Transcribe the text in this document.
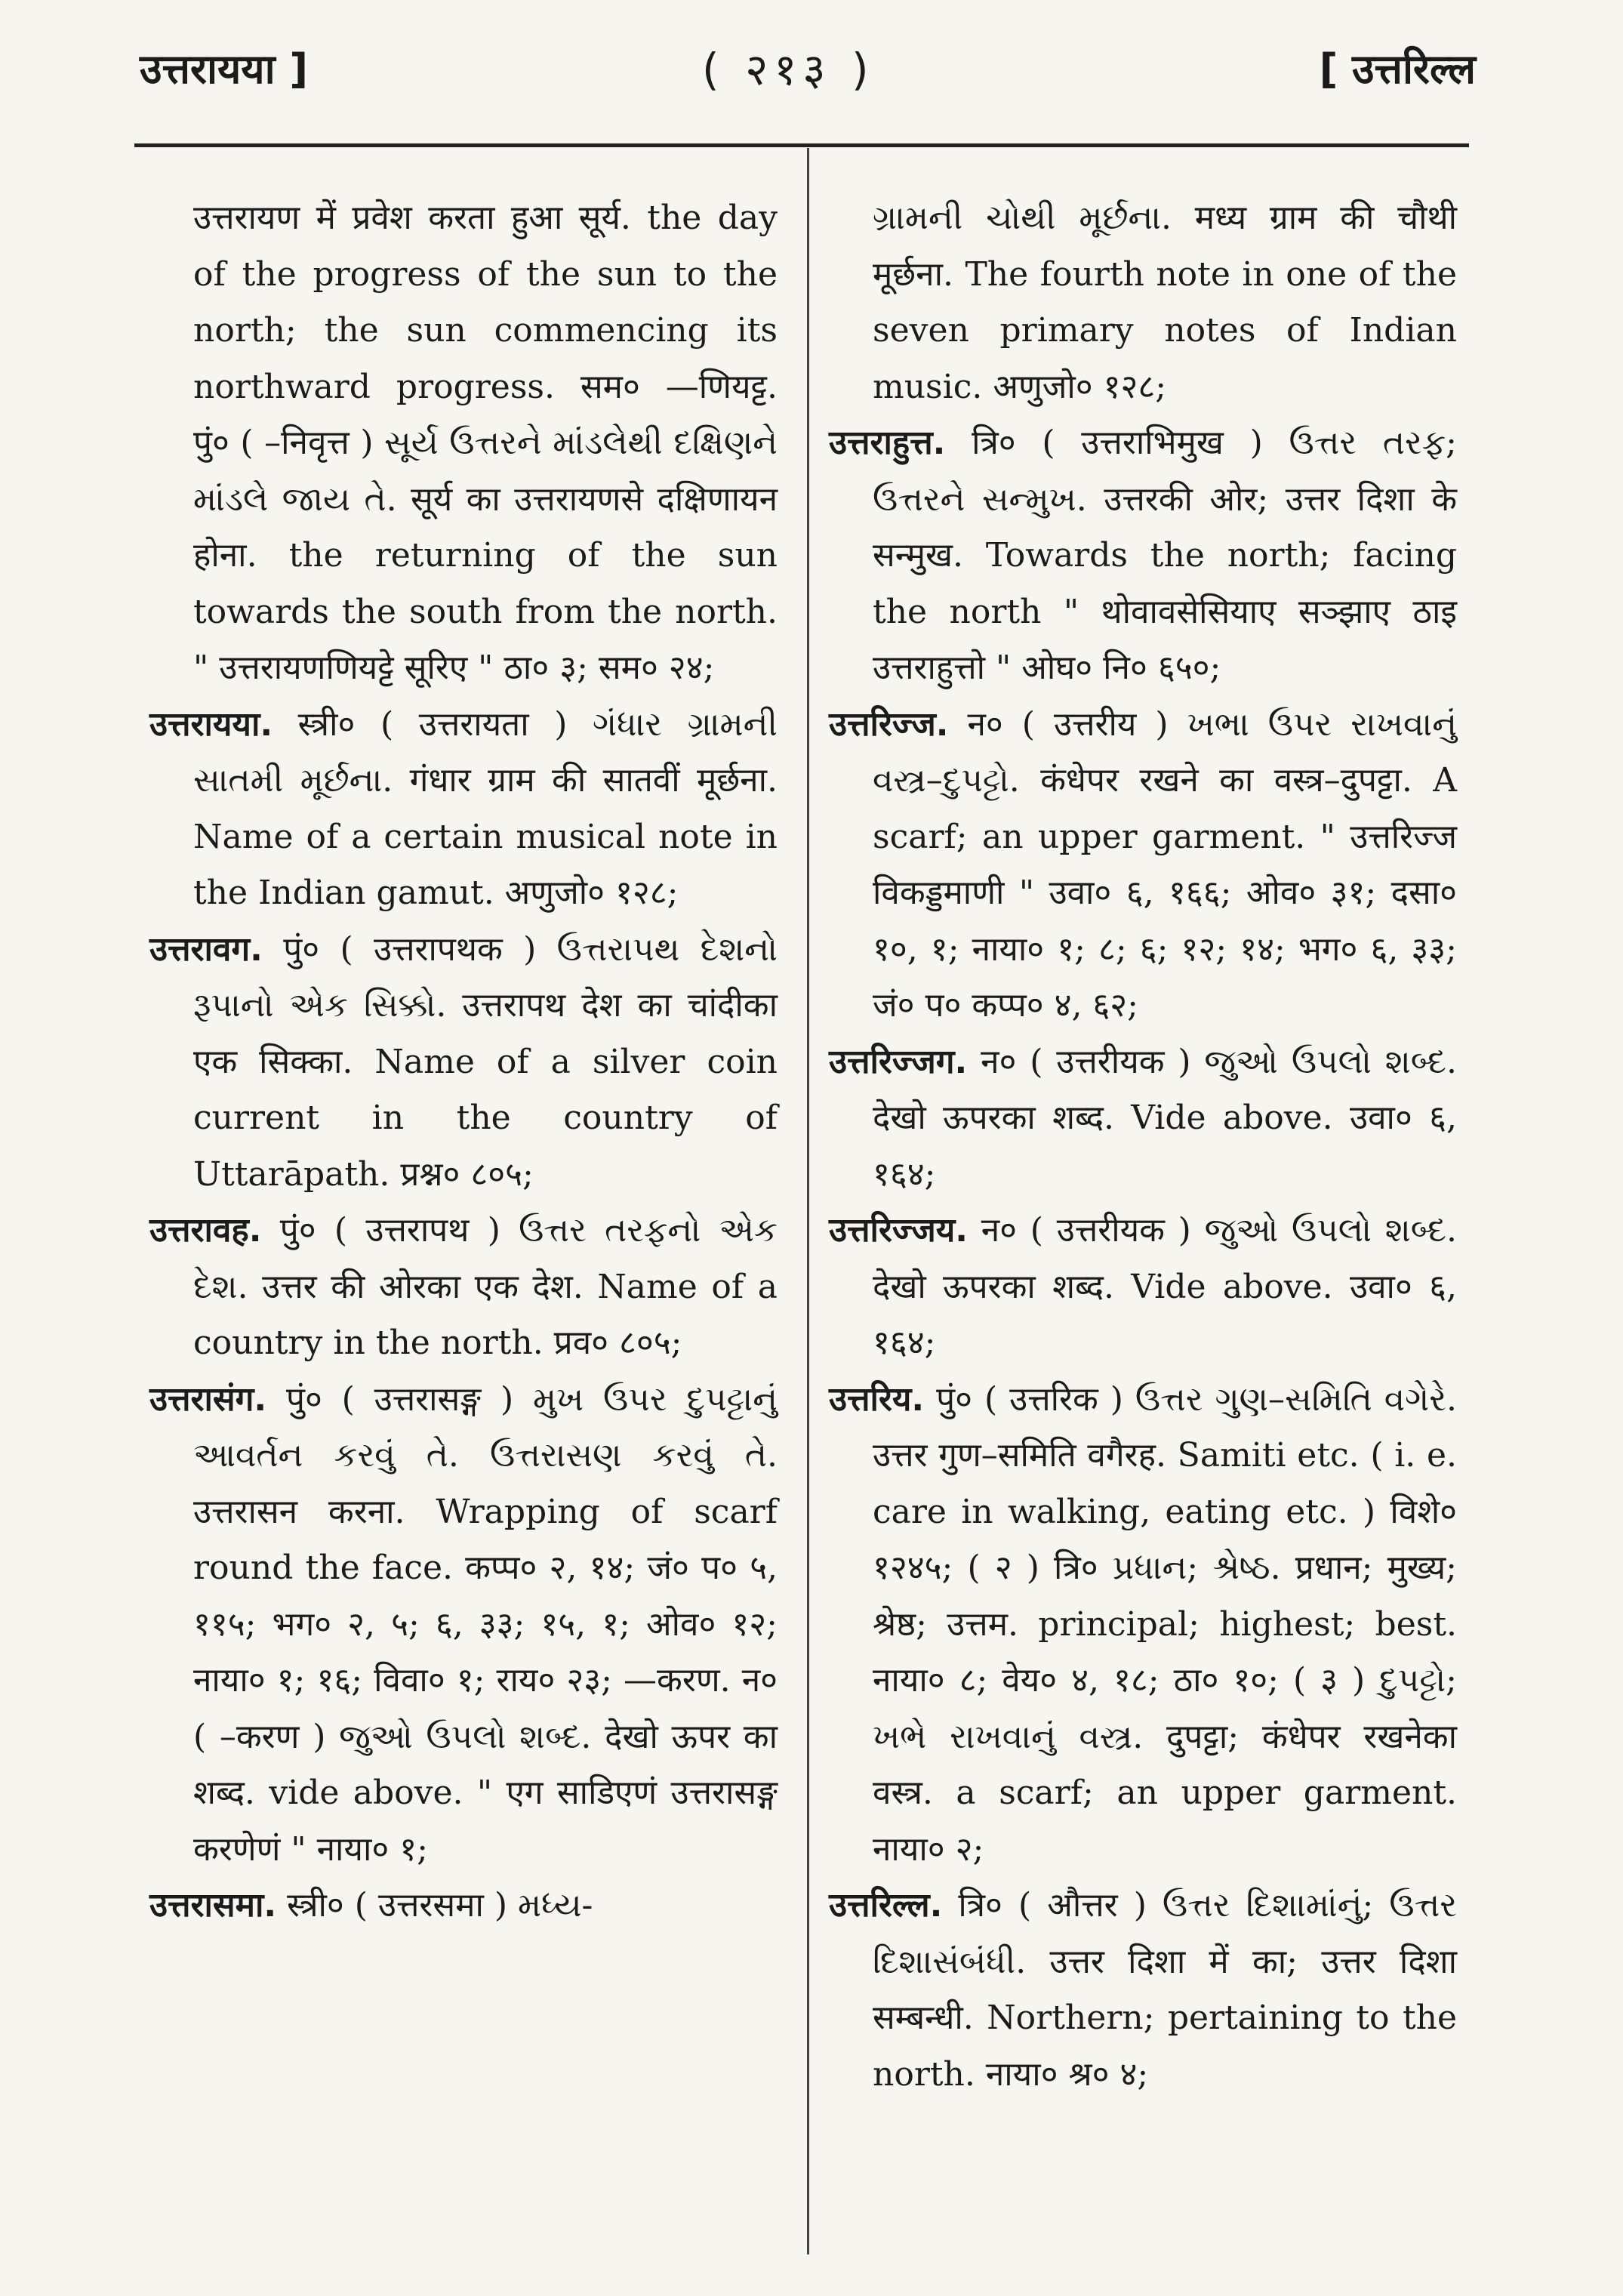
उत्तरायया ]	( २१३ )	[ उत्तरिल्ल

उत्तरायण में प्रवेश करता हुआ सूर्य. the day of the progress of the sun to the north; the sun commencing its northward progress. सम० —णियट्ट. पुं० ( –निवृत्त ) સૂર્ય ઉત્તરને માંડલેથી દક્ષિણને માંડલે જાય તે. सूर्य का उत्तरायणसे दक्षिणायन होना. the returning of the sun towards the south from the north. " उत्तरायणणियट्टे सूरिए " ठा० ३; सम० २४;

उत्तरायया. स्त्री० ( उत्तरायता ) ગંધાર ગ્રામની સાતમી મૂર્છના. गंधार ग्राम की सातवीं मूर्छना. Name of a certain musical note in the Indian gamut. अणुजो० १२८;

उत्तरावग. पुं० ( उत्तरापथक ) ઉત્તરાપથ દેશનો રૂપાનો એક સિક્કો. उत्तरापथ देश का चांदीका एक सिक्का. Name of a silver coin current in the country of Uttarāpath. प्रश्न० ८०५;

उत्तरावह. पुं० ( उत्तरापथ ) ઉત્તર તરફનો એક દેશ. उत्तर की ओरका एक देश. Name of a country in the north. प्रव० ८०५;

उत्तरासंग. पुं० ( उत्तरासङ्ग ) મુખ ઉપર દુપટ્ટાનું આવર્તન કરવું તે. ઉત્તરાસણ કરવું તે. उत्तरासन करना. Wrapping of scarf round the face. कप्प० २, १४; जं० प० ५, ११५; भग० २, ५; ६, ३३; १५, १; ओव० १२; नाया० १; १६; विवा० १; राय० २३; —करण. न० ( –करण ) જુઓ ઉપલો શબ્દ. देखो ऊपर का शब्द. vide above. " एग साडिएणं उत्तरासङ्ग करणेणं " नाया० १;

उत्तरासमा. स्त्री० ( उत्तरसमा ) મધ્ય-

ગ્રામની ચોથી મૂર્છના. मध्य ग्राम की चौथी मूर्छना. The fourth note in one of the seven primary notes of Indian music. अणुजो० १२८;

उत्तराहुत्त. त्रि० ( उत्तराभिमुख ) ઉત્તર તરફ; ઉત્તરને સન્મુખ. उत्तरकी ओर; उत्तर दिशा के सन्मुख. Towards the north; facing the north " थोवावसेसियाए सञ्झाए ठाइ उत्तराहुत्तो " ओघ० नि० ६५०;

उत्तरिज्ज. न० ( उत्तरीय ) ખભા ઉપર રાખવાનું વસ્ત્ર–દુપટ્ટો. कंधेपर रखने का वस्त्र–दुपट्टा. A scarf; an upper garment. " उत्तरिज्ज विकड्डमाणी " उवा० ६, १६६; ओव० ३१; दसा० १०, १; नाया० १; ८; ६; १२; १४; भग० ६, ३३; जं० प० कप्प० ४, ६२;

उत्तरिज्जग. न० ( उत्तरीयक ) જુઓ ઉપલો શબ્દ. देखो ऊपरका शब्द. Vide above. उवा० ६, १६४;

उत्तरिज्जय. न० ( उत्तरीयक ) જુઓ ઉપલો શબ્દ. देखो ऊपरका शब्द. Vide above. उवा० ६, १६४;

उत्तरिय. पुं० ( उत्तरिक ) ઉત્તર ગુણ–સમિતિ વગેરે. उत्तर गुण–समिति वगैरह. Samiti etc. ( i. e. care in walking, eating etc. ) विशे० १२४५; ( २ ) त्रि० પ્રધાન; શ્રેષ્ઠ. प्रधान; मुख्य; श्रेष्ठ; उत्तम. principal; highest; best. नाया० ८; वेय० ४, १८; ठा० १०; ( ३ ) દુપટ્ટો; ખભે રાખવાનું વસ્ત્ર. दुपट्टा; कंधेपर रखनेका वस्त्र. a scarf; an upper garment. नाया० २;

उत्तरिल्ल. त्रि० ( औत्तर ) ઉત્તર દિશામાંનું; ઉત્તર દિશાસંબંધી. उत्तर दिशा में का; उत्तर दिशा सम्बन्धी. Northern; pertaining to the north. नाया० श्र० ४;
